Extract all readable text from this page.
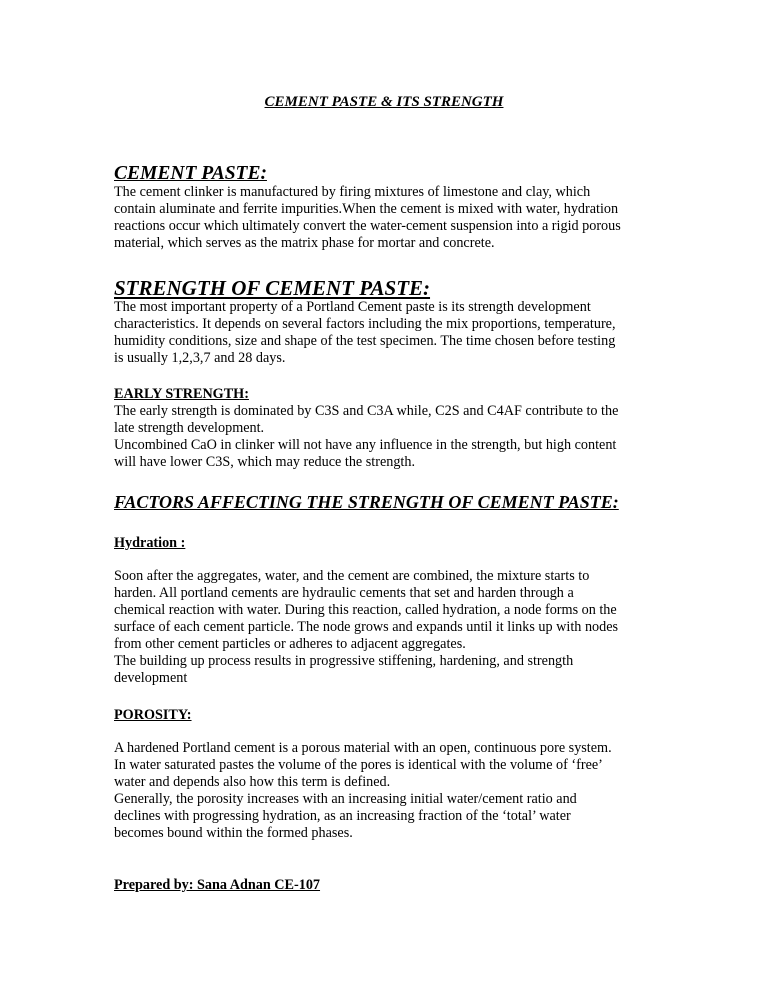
CEMENT PASTE & ITS STRENGTH
CEMENT PASTE:
The cement clinker is manufactured by firing mixtures of limestone and clay, which
contain aluminate and ferrite impurities.When the cement is mixed with water, hydration
reactions occur which ultimately convert the water-cement suspension into a rigid porous
material, which serves as the matrix phase for mortar and concrete.
STRENGTH OF CEMENT PASTE:
The most important property of a Portland Cement paste is its strength development
characteristics. It depends on several factors including the mix proportions, temperature,
humidity conditions, size and shape of the test specimen. The time chosen before testing
is usually 1,2,3,7 and 28 days.
EARLY STRENGTH:
The early strength is dominated by C3S and C3A while, C2S and C4AF contribute to the
late strength development.
Uncombined CaO in clinker will not have any influence in the strength, but high content
will have lower C3S, which may reduce the strength.
FACTORS AFFECTING THE STRENGTH OF CEMENT PASTE:
Hydration :
Soon after the aggregates, water, and the cement are combined, the mixture starts to
harden. All portland cements are hydraulic cements that set and harden through a
chemical reaction with water. During this reaction, called hydration, a node forms on the
surface of each cement particle. The node grows and expands until it links up with nodes
from other cement particles or adheres to adjacent aggregates.
The building up process results in progressive stiffening, hardening, and strength
development
POROSITY:
A hardened Portland cement is a porous material with an open, continuous pore system.
In water saturated pastes the volume of the pores is identical with the volume of ‘free’
water and depends also how this term is defined.
Generally, the porosity increases with an increasing initial water/cement ratio and
declines with progressing hydration, as an increasing fraction of the ‘total’ water
becomes bound within the formed phases.
Prepared by: Sana Adnan CE-107
